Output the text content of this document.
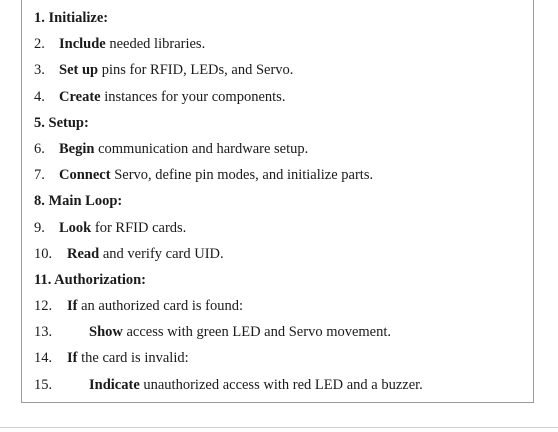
1. Initialize:
2. Include needed libraries.
3. Set up pins for RFID, LEDs, and Servo.
4. Create instances for your components.
5. Setup:
6. Begin communication and hardware setup.
7. Connect Servo, define pin modes, and initialize parts.
8. Main Loop:
9. Look for RFID cards.
10. Read and verify card UID.
11. Authorization:
12. If an authorized card is found:
13.	Show access with green LED and Servo movement.
14. If the card is invalid:
15.	Indicate unauthorized access with red LED and a buzzer.
